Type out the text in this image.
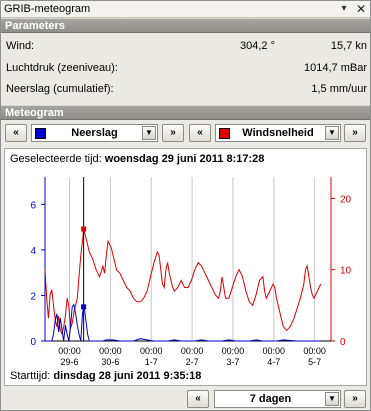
GRIB-meteogram	▾ ✕
Parameters
Wind:	304,2 °	15,7 kn
Luchtdruk (zeeniveau):	1014,7 mBar
Neerslag (cumulatief):	1,5 mm/uur
Meteogram
«	Neerslag	▼	»	«	Windsnelheid	▼	»
Geselecteerde tijd: woensdag 29 juni 2011 8:17:28
00:00
29-6
00:00
30-6
00:00
1-7
00:00
2-7
00:00
3-7
00:00
4-7
00:00
5-7
0
2
4
6
0
10
20
Starttijd: dinsdag 28 juni 2011 9:35:18
«	7 dagen	▼	»
